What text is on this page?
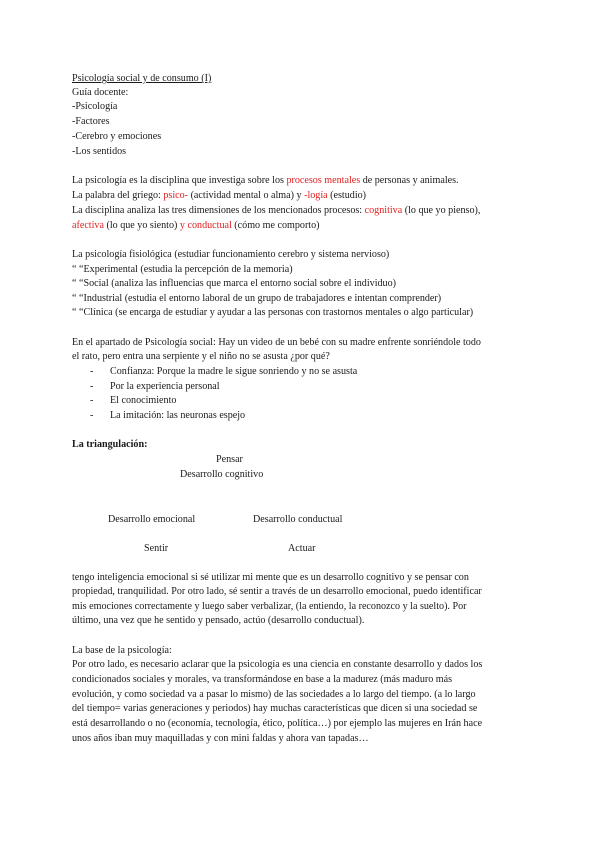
Psicología social y de consumo (I)
Guía docente:
-Psicología
-Factores
-Cerebro y emociones
-Los sentidos
La psicología es la disciplina que investiga sobre los procesos mentales de personas y animales.
La palabra del griego: psico- (actividad mental o alma) y -logía (estudio)
La disciplina analiza las tres dimensiones de los mencionados procesos: cognitiva (lo que yo pienso),
afectiva (lo que yo siento) y conductual (cómo me comporto)
La psicología fisiológica (estudiar funcionamiento cerebro y sistema nervioso)
“ “Experimental (estudia la percepción de la memoria)
“ “Social (analiza las influencias que marca el entorno social sobre el individuo)
“ “Industrial (estudia el entorno laboral de un grupo de trabajadores e intentan comprender)
“ “Clínica (se encarga de estudiar y ayudar a las personas con trastornos mentales o algo particular)
En el apartado de Psicología social: Hay un video de un bebé con su madre enfrente sonriéndole todo
el rato, pero entra una serpiente y el niño no se asusta ¿por qué?
- Confianza: Porque la madre le sigue sonriendo y no se asusta
- Por la experiencia personal
- El conocimiento
- La imitación: las neuronas espejo
La triangulación:
Pensar
Desarrollo cognitivo
Desarrollo emocional	Desarrollo conductual
Sentir	Actuar
tengo inteligencia emocional si sé utilizar mi mente que es un desarrollo cognitivo y se pensar con
propiedad, tranquilidad. Por otro lado, sé sentir a través de un desarrollo emocional, puedo identificar
mis emociones correctamente y luego saber verbalizar, (la entiendo, la reconozco y la suelto). Por
último, una vez que he sentido y pensado, actúo (desarrollo conductual).
La base de la psicología:
Por otro lado, es necesario aclarar que la psicología es una ciencia en constante desarrollo y dados los
condicionados sociales y morales, va transformándose en base a la madurez (más maduro más
evolución, y como sociedad va a pasar lo mismo) de las sociedades a lo largo del tiempo. (a lo largo
del tiempo= varias generaciones y periodos) hay muchas características que dicen si una sociedad se
está desarrollando o no (economía, tecnología, ético, política…) por ejemplo las mujeres en Irán hace
unos años iban muy maquilladas y con mini faldas y ahora van tapadas…
